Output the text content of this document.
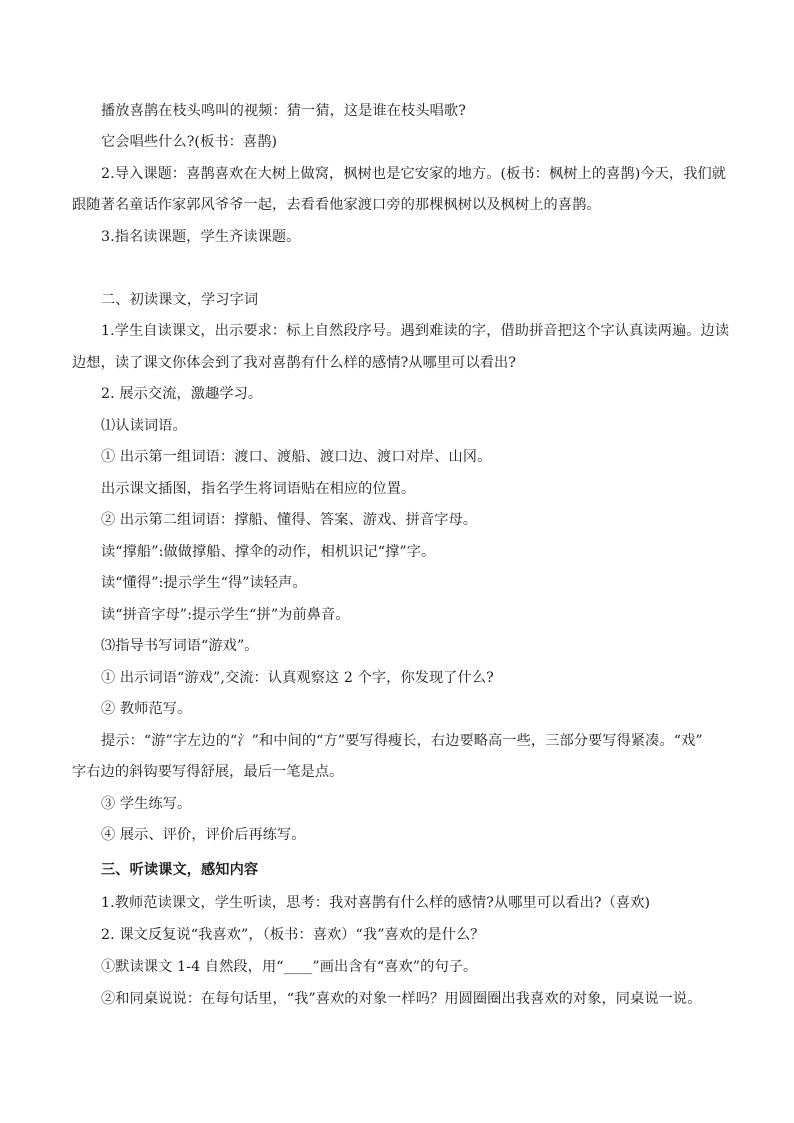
播放喜鹊在枝头鸣叫的视频：猜一猜，这是谁在枝头唱歌?
它会唱些什么?(板书：喜鹊)
2.导入课题：喜鹊喜欢在大树上做窝，枫树也是它安家的地方。(板书：枫树上的喜鹊)今天，我们就
跟随著名童话作家郭风爷爷一起，去看看他家渡口旁的那棵枫树以及枫树上的喜鹊。
3.指名读课题，学生齐读课题。
二、初读课文，学习字词
1.学生自读课文，出示要求：标上自然段序号。遇到难读的字，借助拼音把这个字认真读两遍。边读
边想，读了课文你体会到了我对喜鹊有什么样的感情?从哪里可以看出?
2. 展示交流，激趣学习。
⑴认读词语。
① 出示第一组词语：渡口、渡船、渡口边、渡口对岸、山冈。
出示课文插图，指名学生将词语贴在相应的位置。
② 出示第二组词语：撑船、懂得、答案、游戏、拼音字母。
读“撑船”:做做撑船、撑伞的动作，相机识记“撑”字。
读“懂得”:提示学生“得”读轻声。
读“拼音字母”:提示学生“拼”为前鼻音。
⑶指导书写词语“游戏”。
① 出示词语“游戏”,交流：认真观察这 2 个字，你发现了什么?
② 教师范写。
提示：“游”字左边的“氵”和中间的“方”要写得瘦长，右边要略高一些，三部分要写得紧凑。“戏”
字右边的斜钩要写得舒展，最后一笔是点。
③ 学生练写。
④ 展示、评价，评价后再练写。
三、听读课文，感知内容
1.教师范读课文，学生听读，思考：我对喜鹊有什么样的感情?从哪里可以看出?（喜欢)
2. 课文反复说“我喜欢”，（板书：喜欢）“我”喜欢的是什么？
①默读课文 1-4 自然段，用“____”画出含有“喜欢”的句子。
②和同桌说说：在每句话里，“我”喜欢的对象一样吗？用圆圈圈出我喜欢的对象，同桌说一说。
